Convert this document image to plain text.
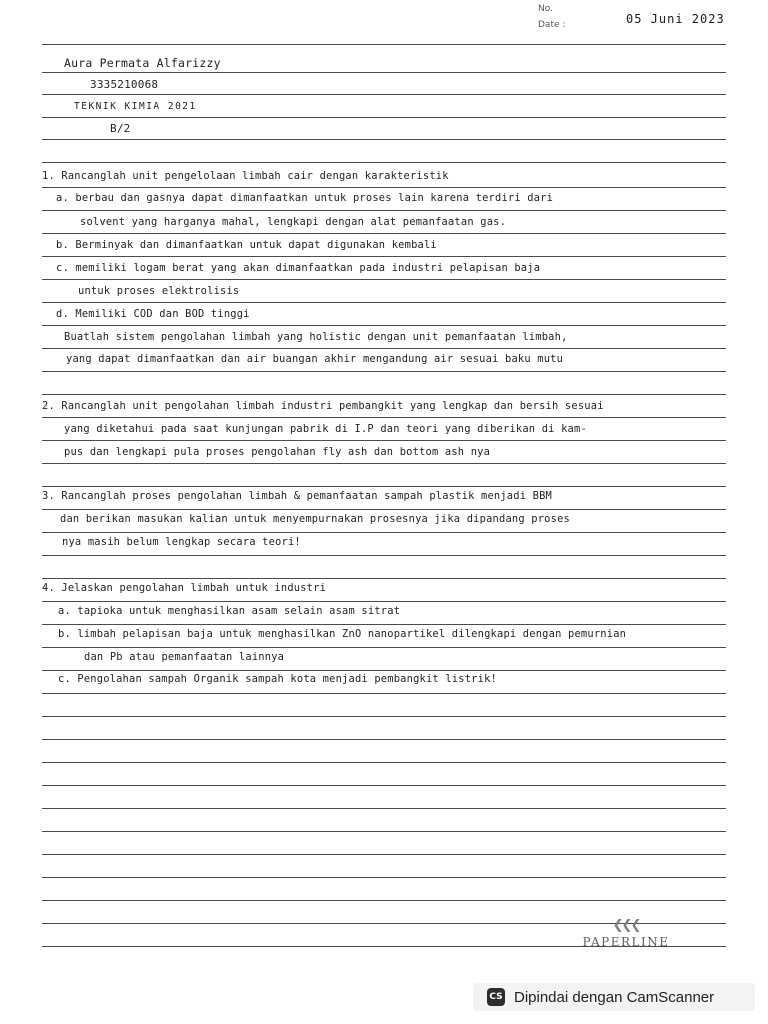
No.
Date :	05 Juni 2023
Aura Permata Alfarizzy
3335210068
TEKNIK KIMIA 2021
B/2
1. Rancanglah unit pengelolaan limbah cair dengan karakteristik
a. berbau dan gasnya dapat dimanfaatkan untuk proses lain karena terdiri dari
solvent yang harganya mahal, lengkapi dengan alat pemanfaatan gas.
b. Berminyak dan dimanfaatkan untuk dapat digunakan kembali
c. memiliki logam berat yang akan dimanfaatkan pada industri pelapisan baja
untuk proses elektrolisis
d. Memiliki COD dan BOD tinggi
Buatlah sistem pengolahan limbah yang holistic dengan unit pemanfaatan limbah,
yang dapat dimanfaatkan dan air buangan akhir mengandung air sesuai baku mutu
2. Rancanglah unit pengolahan limbah industri pembangkit yang lengkap dan bersih sesuai
yang diketahui pada saat kunjungan pabrik di I.P dan teori yang diberikan di kam-
pus dan lengkapi pula proses pengolahan fly ash dan bottom ash nya
3. Rancanglah proses pengolahan limbah & pemanfaatan sampah plastik menjadi BBM
dan berikan masukan kalian untuk menyempurnakan prosesnya jika dipandang proses
nya masih belum lengkap secara teori!
4. Jelaskan pengolahan limbah untuk industri
a. tapioka untuk menghasilkan asam selain asam sitrat
b. limbah pelapisan baja untuk menghasilkan ZnO nanopartikel dilengkapi dengan pemurnian
dan Pb atau pemanfaatan lainnya
c. Pengolahan sampah Organik sampah kota menjadi pembangkit listrik!
❮❮❮
PAPERLINE
CS Dipindai dengan CamScanner
